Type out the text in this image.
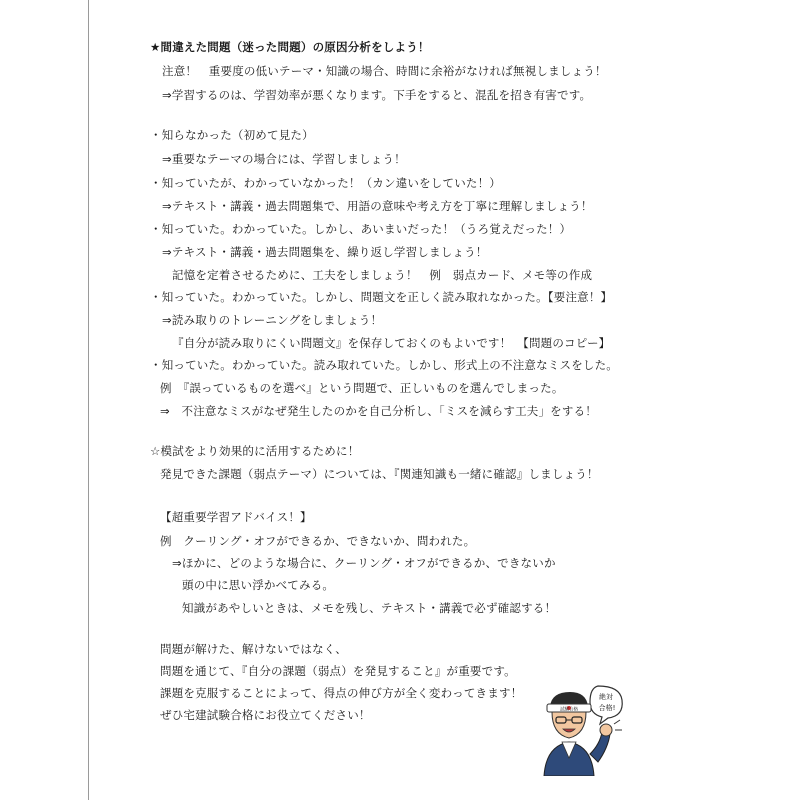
★間違えた問題（迷った問題）の原因分析をしよう！
注意！　重要度の低いテーマ・知識の場合、時間に余裕がなければ無視しましょう！
⇒学習するのは、学習効率が悪くなります。下手をすると、混乱を招き有害です。
・知らなかった（初めて見た）
⇒重要なテーマの場合には、学習しましょう！
・知っていたが、わかっていなかった！（カン違いをしていた！）
⇒テキスト・講義・過去問題集で、用語の意味や考え方を丁寧に理解しましょう！
・知っていた。わかっていた。しかし、あいまいだった！（うろ覚えだった！）
⇒テキスト・講義・過去問題集を、繰り返し学習しましょう！
記憶を定着させるために、工夫をしましょう！　例　弱点カード、メモ等の作成
・知っていた。わかっていた。しかし、問題文を正しく読み取れなかった。【要注意！】
⇒読み取りのトレーニングをしましょう！
『自分が読み取りにくい問題文』を保存しておくのもよいです！　【問題のコピー】
・知っていた。わかっていた。読み取れていた。しかし、形式上の不注意なミスをした。
例　『誤っているものを選べ』という問題で、正しいものを選んでしまった。
⇒　不注意なミスがなぜ発生したのかを自己分析し、「ミスを減らす工夫」をする！
☆模試をより効果的に活用するために！
発見できた課題（弱点テーマ）については、『関連知識も一緒に確認』しましょう！
【超重要学習アドバイス！】
例　クーリング・オフができるか、できないか、問われた。
⇒ほかに、どのような場合に、クーリング・オフができるか、できないか
頭の中に思い浮かべてみる。
知識があやしいときは、メモを残し、テキスト・講義で必ず確認する！
問題が解けた、解けないではなく、
問題を通じて、『自分の課題（弱点）を発見すること』が重要です。
課題を克服することによって、得点の伸び方が全く変わってきます！
ぜひ宅建試験合格にお役立てください！
絶対
合格!
試験合格
